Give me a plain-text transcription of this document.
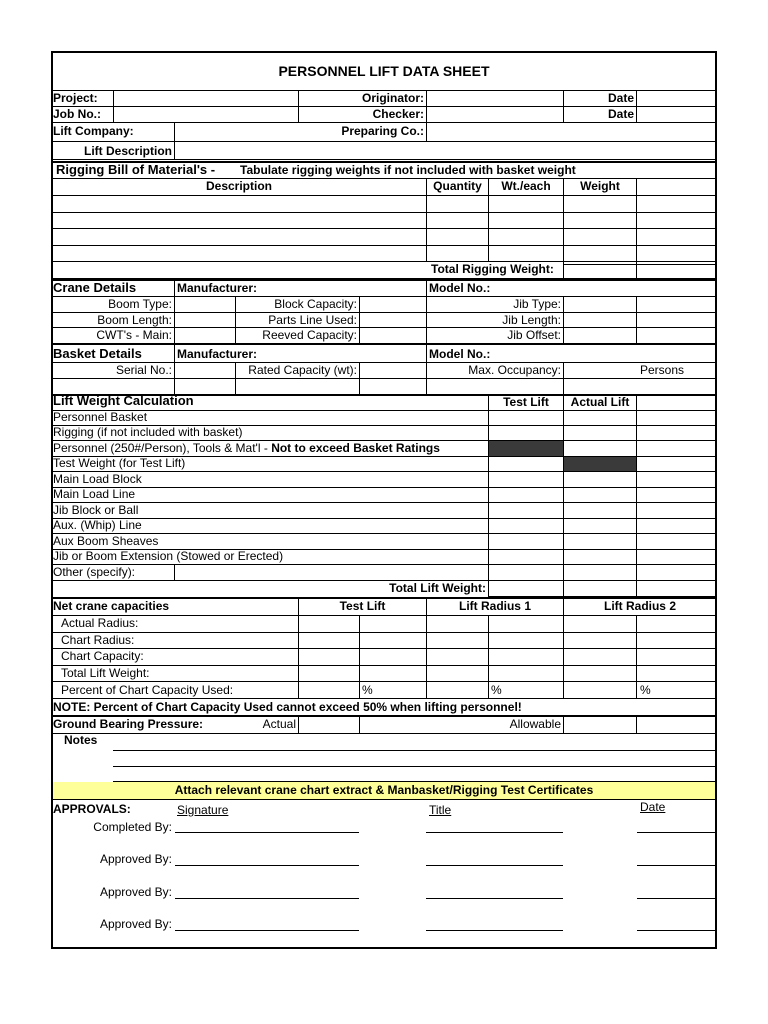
PERSONNEL LIFT DATA SHEET
Project:	Originator:	Date
Job No.:	Checker:	Date
Lift Company:	Preparing Co.:
Lift Description
Rigging Bill of Material's - Tabulate rigging weights if not included with basket weight
Description	Quantity	Wt./each	Weight
Total Rigging Weight:
Crane Details	Manufacturer:	Model No.:
Boom Type:	Block Capacity:	Jib Type:
Boom Length:	Parts Line Used:	Jib Length:
CWT's - Main:	Reeved Capacity:	Jib Offset:
Basket Details	Manufacturer:	Model No.:
Serial No.:	Rated Capacity (wt):	Max. Occupancy:	Persons
Lift Weight Calculation	Test Lift	Actual Lift
Personnel Basket
Rigging (if not included with basket)
Personnel (250#/Person), Tools & Mat'l - Not to exceed Basket Ratings
Test Weight (for Test Lift)
Main Load Block
Main Load Line
Jib Block or Ball
Aux. (Whip) Line
Aux Boom Sheaves
Jib or Boom Extension (Stowed or Erected)
Other (specify):
Total Lift Weight:
Net crane capacities	Test Lift	Lift Radius 1	Lift Radius 2
Actual Radius:
Chart Radius:
Chart Capacity:
Total Lift Weight:
Percent of Chart Capacity Used:	%	%	%
NOTE: Percent of Chart Capacity Used cannot exceed 50% when lifting personnel!
Ground Bearing Pressure:	Actual	Allowable
Notes
Attach relevant crane chart extract & Manbasket/Rigging Test Certificates
APPROVALS:	Signature	Title	Date
Completed By:
Approved By:
Approved By:
Approved By:
